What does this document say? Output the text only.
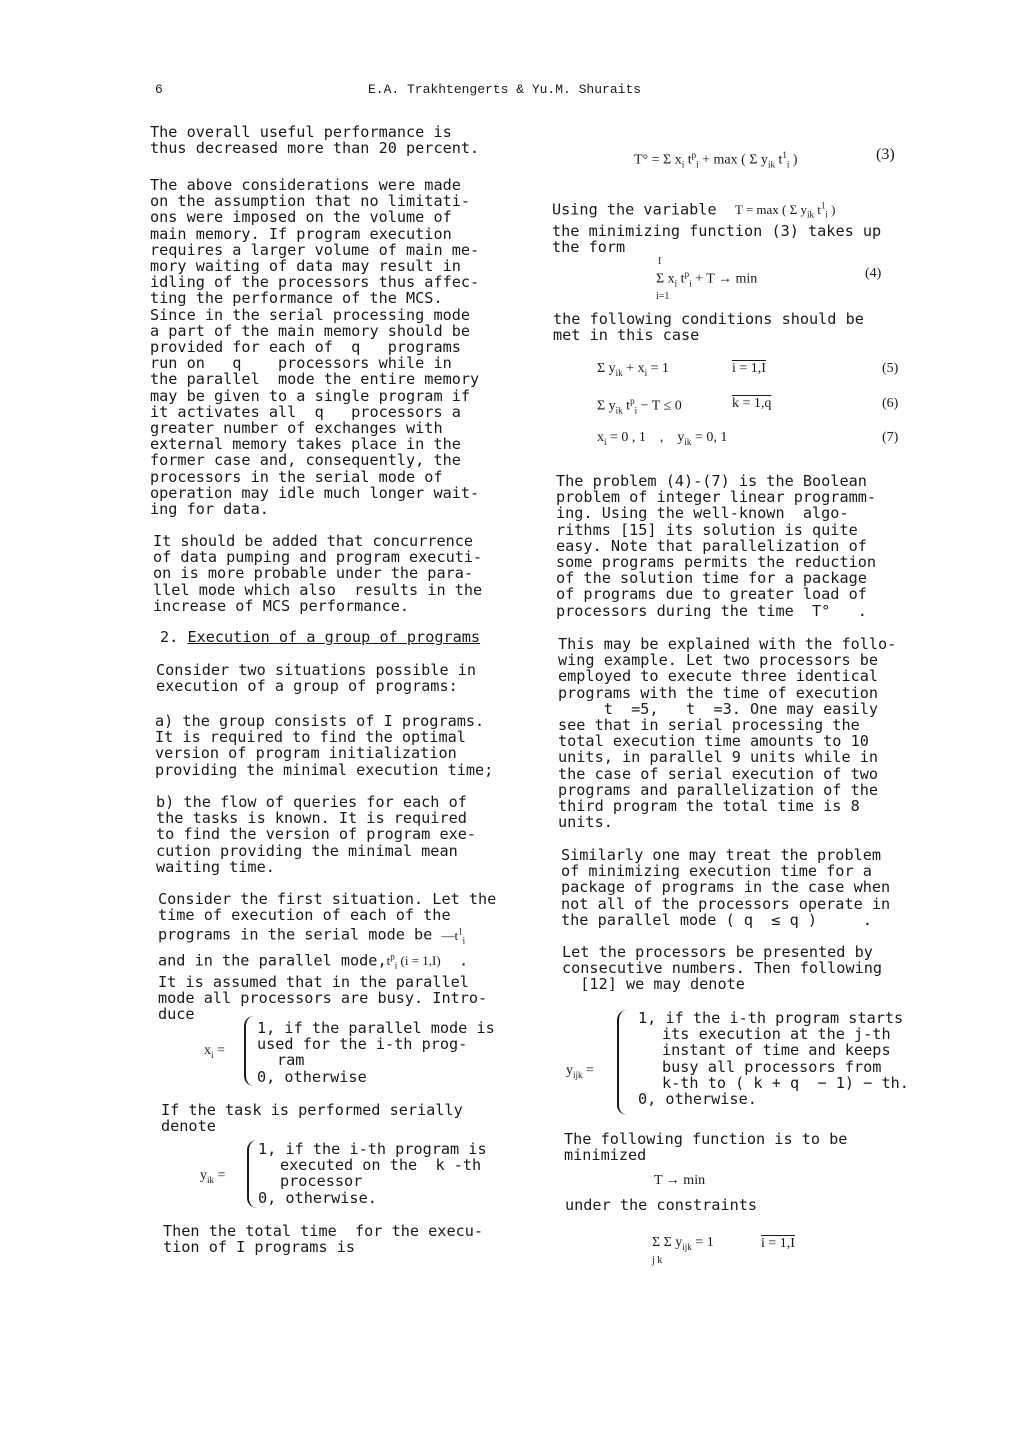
6	E.A. Trakhtengerts & Yu.M. Shuraits

The overall useful performance is

thus decreased more than 20 percent.

The above considerations were made

on the assumption that no limitati-

ons were imposed on the volume of

main memory. If program execution

requires a larger volume of main me-

mory waiting of data may result in

idling of the processors thus affec-

ting the performance of the MCS.

Since in the serial processing mode

a part of the main memory should be

provided for each of  q   programs

run on   q    processors while in

the parallel  mode the entire memory

may be given to a single program if

it activates all  q   processors a

greater number of exchanges with

external memory takes place in the

former case and, consequently, the

processors in the serial mode of

operation may idle much longer wait-

ing for data.

It should be added that concurrence

of data pumping and program executi-

on is more probable under the para-

llel mode which also  results in the

increase of MCS performance.

2. Execution of a group of programs

Consider two situations possible in

execution of a group of programs:

a) the group consists of I programs.

It is required to find the optimal

version of program initialization

providing the minimal execution time;

b) the flow of queries for each of

the tasks is known. It is required

to find the version of program exe-

cution providing the minimal mean

waiting time.

Consider the first situation. Let the

time of execution of each of the

programs in the serial mode be $—t^1_i$

and in the parallel $mode,t^p_i$ (i = 1,I)  .

It is assumed that in the parallel

mode all processors are busy. Intro-

duce

$x_i$ =

1, if the parallel mode is

used for the i-th prog-

ram

0, otherwise

If the task is performed serially

denote

$y_{ik}$ =

1, if the i-th program is

executed on the  k -th

processor

0, otherwise.

Then the total time  for the execu-

tion of I programs is

T° = Σ $x_i$ $t^p_i + \max$ ( Σ $y_{ik}$ $t^1_i$ )	(3)

Using the variable T = max ( Σ $y_{ik}$ $t^1_i$ )

the minimizing function (3) takes up

the form

I
Σ $x_i$ $t^p_i + T \to \min$
i=1
(4)

the following conditions should be

met in this case

Σ $y_{ik} + x_i = 1$	i = 1,I	(5)
Σ $y_{ik}$ $t^p_i - T \le 0$	k = 1,q	(6)
$x_i = 0$ , 1    ,    $y_{ik} = 0$, 1	(7)

The problem (4)-(7) is the Boolean

problem of integer linear programm-

ing. Using the well-known  algo-

rithms [15] its solution is quite

easy. Note that parallelization of

some programs permits the reduction

of the solution time for a package

of programs due to greater load of

processors during the time  T°   .

This may be explained with the follo-

wing example. Let two processors be

employed to execute three identical

programs with the time of execution

t  =5,   t  =3. One may easily

see that in serial processing the

total execution time amounts to 10

units, in parallel 9 units while in

the case of serial execution of two

programs and parallelization of the

third program the total time is 8

units.

Similarly one may treat the problem

of minimizing execution time for a

package of programs in the case when

not all of the processors operate in

the parallel mode ( q  ≤ q )     .

Let the processors be presented by

consecutive numbers. Then following

[12] we may denote

$y_{ijk}$ =

1, if the i-th program starts

its execution at the j-th

instant of time and keeps

busy all processors from

k-th to ( k + q  − 1) − th.

0, otherwise.

The following function is to be

minimized

T → min

under the constraints

Σ Σ $y_{ijk} = 1$
j k
i = 1,I
